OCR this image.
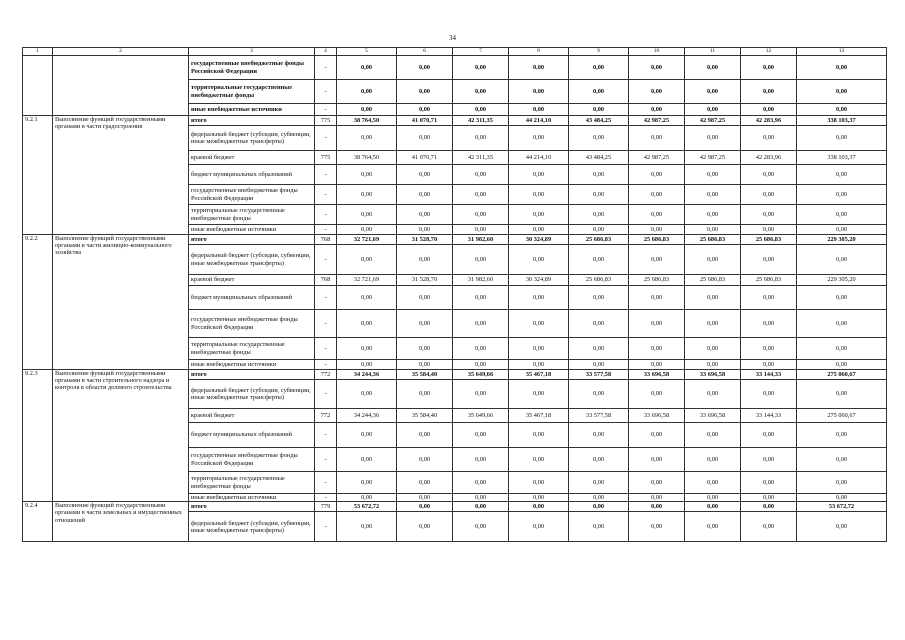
34
1	2	3	4	5	6	7	8	9	10	11	12	13
		государственные внебюджетные фонды Российской Федерации	-	0,00	0,00	0,00	0,00	0,00	0,00	0,00	0,00	0,00
		территориальные государственные внебюджетные фонды	-	0,00	0,00	0,00	0,00	0,00	0,00	0,00	0,00	0,00
		иные внебюджетные источники	-	0,00	0,00	0,00	0,00	0,00	0,00	0,00	0,00	0,00
9.2.1	Выполнение функций государственными органами в части градостроения	итого	775	38 764,50	41 070,71	42 311,35	44 214,10	43 484,25	42 987,25	42 987,25	42 283,96	338 103,37
		федеральный бюджет (субсидии, субвенции, иные межбюджетные трансферты)	-	0,00	0,00	0,00	0,00	0,00	0,00	0,00	0,00	0,00
		краевой бюджет	775	38 764,50	41 070,71	42 311,35	44 214,10	43 484,25	42 987,25	42 987,25	42 283,96	338 103,37
		бюджет муниципальных образований	-	0,00	0,00	0,00	0,00	0,00	0,00	0,00	0,00	0,00
		государственные внебюджетные фонды Российской Федерации	-	0,00	0,00	0,00	0,00	0,00	0,00	0,00	0,00	0,00
		территориальные государственные внебюджетные фонды	-	0,00	0,00	0,00	0,00	0,00	0,00	0,00	0,00	0,00
		иные внебюджетные источники	-	0,00	0,00	0,00	0,00	0,00	0,00	0,00	0,00	0,00
9.2.2	Выполнение функций государственными органами в части жилищно-коммунального хозяйства	итого	768	32 721,69	31 528,70	31 982,60	30 324,89	25 686,83	25 686,83	25 686,83	25 686,83	229 305,20
		федеральный бюджет (субсидии, субвенции, иные межбюджетные трансферты)	-	0,00	0,00	0,00	0,00	0,00	0,00	0,00	0,00	0,00
		краевой бюджет	768	32 721,69	31 528,70	31 982,60	30 324,89	25 686,83	25 686,83	25 686,83	25 686,83	229 305,20
		бюджет муниципальных образований	-	0,00	0,00	0,00	0,00	0,00	0,00	0,00	0,00	0,00
		государственные внебюджетные фонды Российской Федерации	-	0,00	0,00	0,00	0,00	0,00	0,00	0,00	0,00	0,00
		территориальные государственные внебюджетные фонды	-	0,00	0,00	0,00	0,00	0,00	0,00	0,00	0,00	0,00
		иные внебюджетные источники	-	0,00	0,00	0,00	0,00	0,00	0,00	0,00	0,00	0,00
9.2.3	Выполнение функций государственными органами в части строительного надзора и контроля в области долевого строительства	итого	772	34 244,36	35 584,40	35 649,66	35 467,18	33 577,58	33 696,58	33 696,58	33 144,33	275 060,67
		федеральный бюджет (субсидии, субвенции, иные межбюджетные трансферты)	-	0,00	0,00	0,00	0,00	0,00	0,00	0,00	0,00	0,00
		краевой бюджет	772	34 244,36	35 584,40	35 649,66	35 467,18	33 577,58	33 696,58	33 696,58	33 144,33	275 060,67
		бюджет муниципальных образований	-	0,00	0,00	0,00	0,00	0,00	0,00	0,00	0,00	0,00
		государственные внебюджетные фонды Российской Федерации	-	0,00	0,00	0,00	0,00	0,00	0,00	0,00	0,00	0,00
		территориальные государственные внебюджетные фонды	-	0,00	0,00	0,00	0,00	0,00	0,00	0,00	0,00	0,00
		иные внебюджетные источники	-	0,00	0,00	0,00	0,00	0,00	0,00	0,00	0,00	0,00
9.2.4	Выполнение функций государственными органами в части земельных и имущественных отношений	итого	779	53 672,72	0,00	0,00	0,00	0,00	0,00	0,00	0,00	53 672,72
		федеральный бюджет (субсидии, субвенции, иные межбюджетные трансферты)	-	0,00	0,00	0,00	0,00	0,00	0,00	0,00	0,00	0,00
